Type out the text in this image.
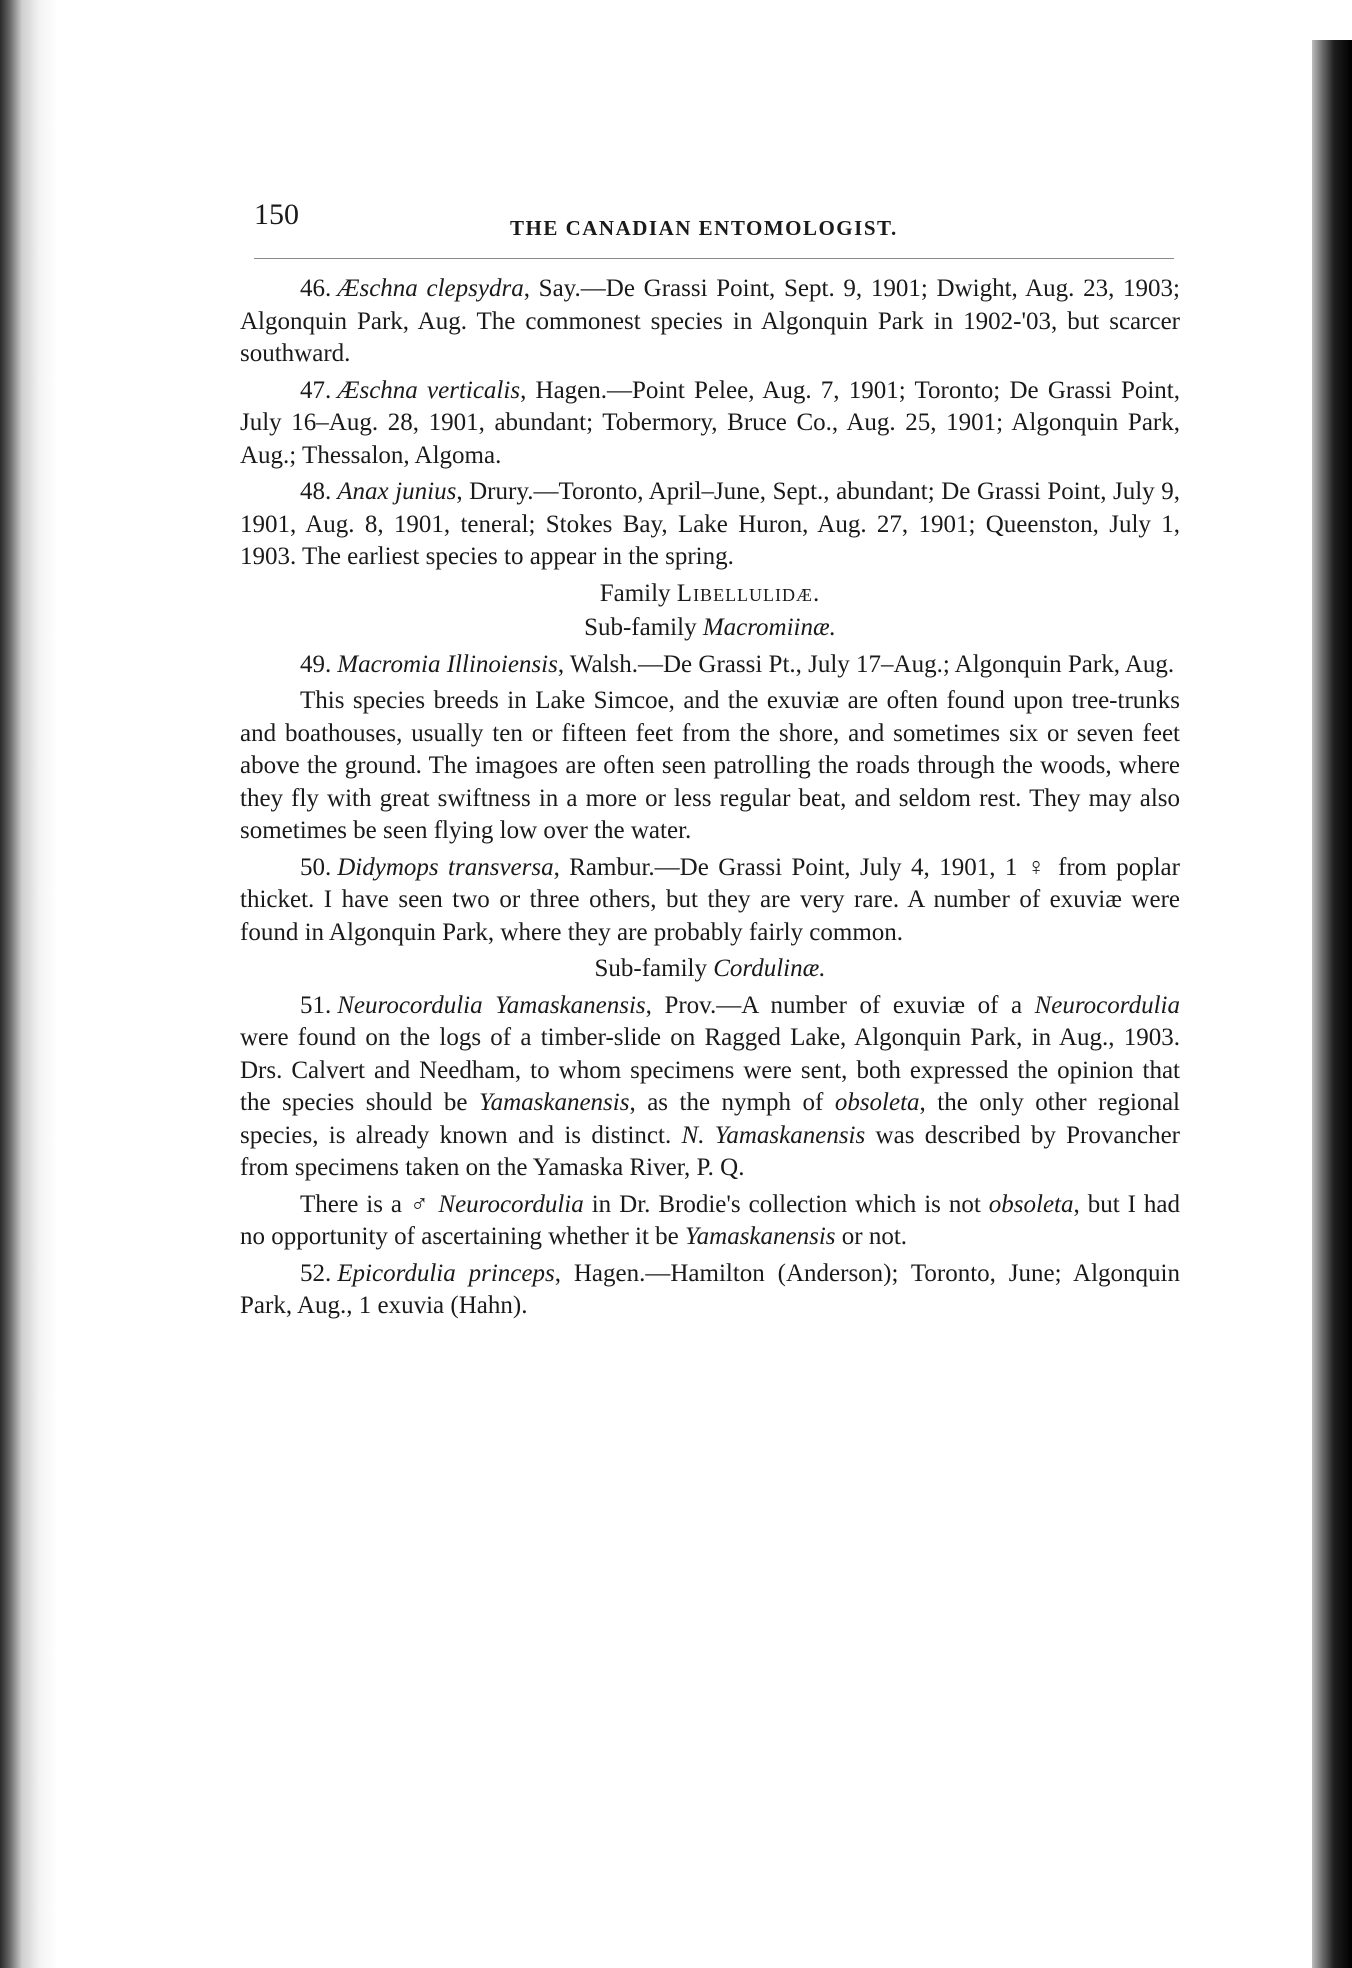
150	THE CANADIAN ENTOMOLOGIST.

46. Æschna clepsydra, Say.—De Grassi Point, Sept. 9, 1901; Dwight, Aug. 23, 1903; Algonquin Park, Aug. The commonest species in Algonquin Park in 1902-'03, but scarcer southward.

47. Æschna verticalis, Hagen.—Point Pelee, Aug. 7, 1901; Toronto; De Grassi Point, July 16–Aug. 28, 1901, abundant; Tobermory, Bruce Co., Aug. 25, 1901; Algonquin Park, Aug.; Thessalon, Algoma.

48. Anax junius, Drury.—Toronto, April–June, Sept., abundant; De Grassi Point, July 9, 1901, Aug. 8, 1901, teneral; Stokes Bay, Lake Huron, Aug. 27, 1901; Queenston, July 1, 1903. The earliest species to appear in the spring.

Family Libellulidæ.

Sub-family Macromiinæ.

49. Macromia Illinoiensis, Walsh.—De Grassi Pt., July 17–Aug.; Algonquin Park, Aug.

This species breeds in Lake Simcoe, and the exuviæ are often found upon tree-trunks and boathouses, usually ten or fifteen feet from the shore, and sometimes six or seven feet above the ground. The imagoes are often seen patrolling the roads through the woods, where they fly with great swiftness in a more or less regular beat, and seldom rest. They may also sometimes be seen flying low over the water.

50. Didymops transversa, Rambur.—De Grassi Point, July 4, 1901, 1 ♀ from poplar thicket. I have seen two or three others, but they are very rare. A number of exuviæ were found in Algonquin Park, where they are probably fairly common.

Sub-family Cordulinæ.

51. Neurocordulia Yamaskanensis, Prov.—A number of exuviæ of a Neurocordulia were found on the logs of a timber-slide on Ragged Lake, Algonquin Park, in Aug., 1903. Drs. Calvert and Needham, to whom specimens were sent, both expressed the opinion that the species should be Yamaskanensis, as the nymph of obsoleta, the only other regional species, is already known and is distinct. N. Yamaskanensis was described by Provancher from specimens taken on the Yamaska River, P. Q.

There is a ♂ Neurocordulia in Dr. Brodie's collection which is not obsoleta, but I had no opportunity of ascertaining whether it be Yamaskanensis or not.

52. Epicordulia princeps, Hagen.—Hamilton (Anderson); Toronto, June; Algonquin Park, Aug., 1 exuvia (Hahn).
